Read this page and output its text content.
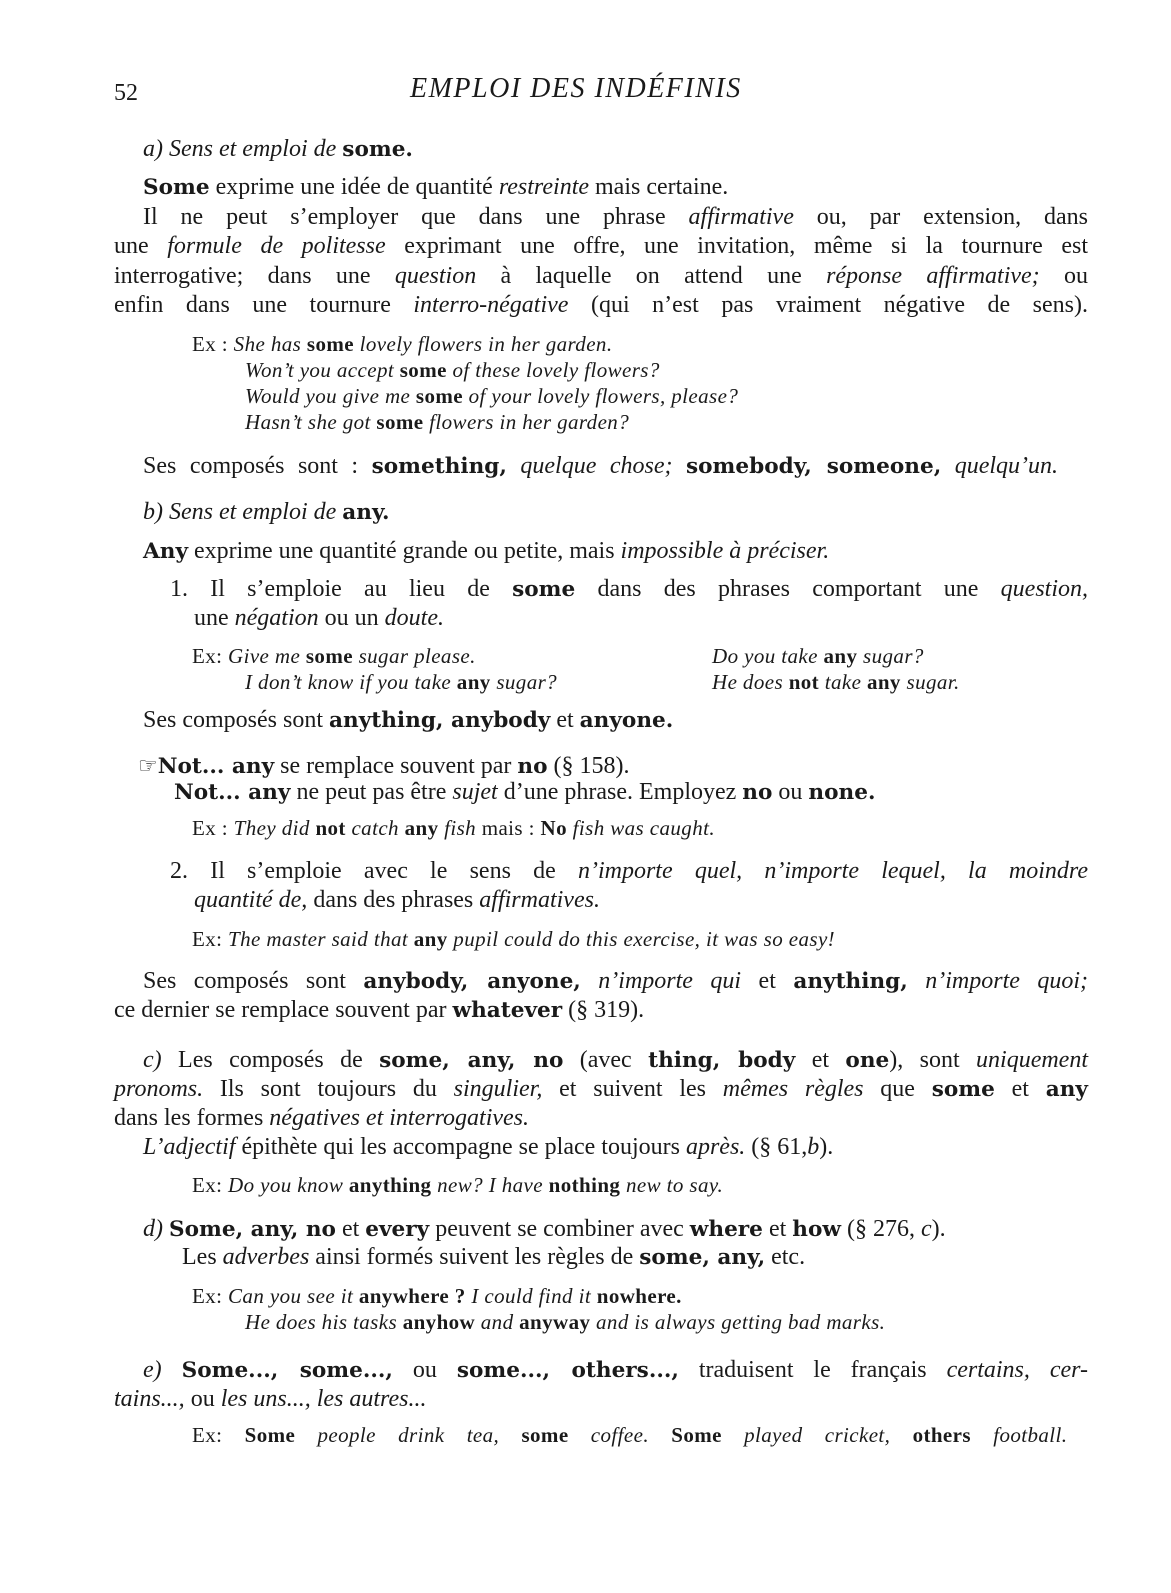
52	EMPLOI DES INDÉFINIS
a) Sens et emploi de some.
Some exprime une idée de quantité restreinte mais certaine.
Il ne peut s’employer que dans une phrase affirmative ou, par extension, dans
une formule de politesse exprimant une offre, une invitation, même si la tournure est
interrogative; dans une question à laquelle on attend une réponse affirmative; ou
enfin dans une tournure interro-négative (qui n’est pas vraiment négative de sens).
Ex : She has some lovely flowers in her garden.
Won’t you accept some of these lovely flowers?
Would you give me some of your lovely flowers, please?
Hasn’t she got some flowers in her garden?
Ses composés sont : something, quelque chose; somebody, someone, quelqu’un.
b) Sens et emploi de any.
Any exprime une quantité grande ou petite, mais impossible à préciser.
1. Il s’emploie au lieu de some dans des phrases comportant une question,
une négation ou un doute.
Ex: Give me some sugar please.	Do you take any sugar?
I don’t know if you take any sugar?	He does not take any sugar.
Ses composés sont anything, anybody et anyone.
☞Not... any se remplace souvent par no (§ 158).
Not... any ne peut pas être sujet d’une phrase. Employez no ou none.
Ex : They did not catch any fish mais : No fish was caught.
2. Il s’emploie avec le sens de n’importe quel, n’importe lequel, la moindre
quantité de, dans des phrases affirmatives.
Ex: The master said that any pupil could do this exercise, it was so easy!
Ses composés sont anybody, anyone, n’importe qui et anything, n’importe quoi;
ce dernier se remplace souvent par whatever (§ 319).
c) Les composés de some, any, no (avec thing, body et one), sont uniquement
pronoms. Ils sont toujours du singulier, et suivent les mêmes règles que some et any
dans les formes négatives et interrogatives.
L’adjectif épithète qui les accompagne se place toujours après. (§ 61,b).
Ex: Do you know anything new? I have nothing new to say.
d) Some, any, no et every peuvent se combiner avec where et how (§ 276, c).
Les adverbes ainsi formés suivent les règles de some, any, etc.
Ex: Can you see it anywhere ? I could find it nowhere.
He does his tasks anyhow and anyway and is always getting bad marks.
e) Some..., some..., ou some..., others..., traduisent le français certains, cer-
tains..., ou les uns..., les autres...
Ex: Some people drink tea, some coffee. Some played cricket, others football.
